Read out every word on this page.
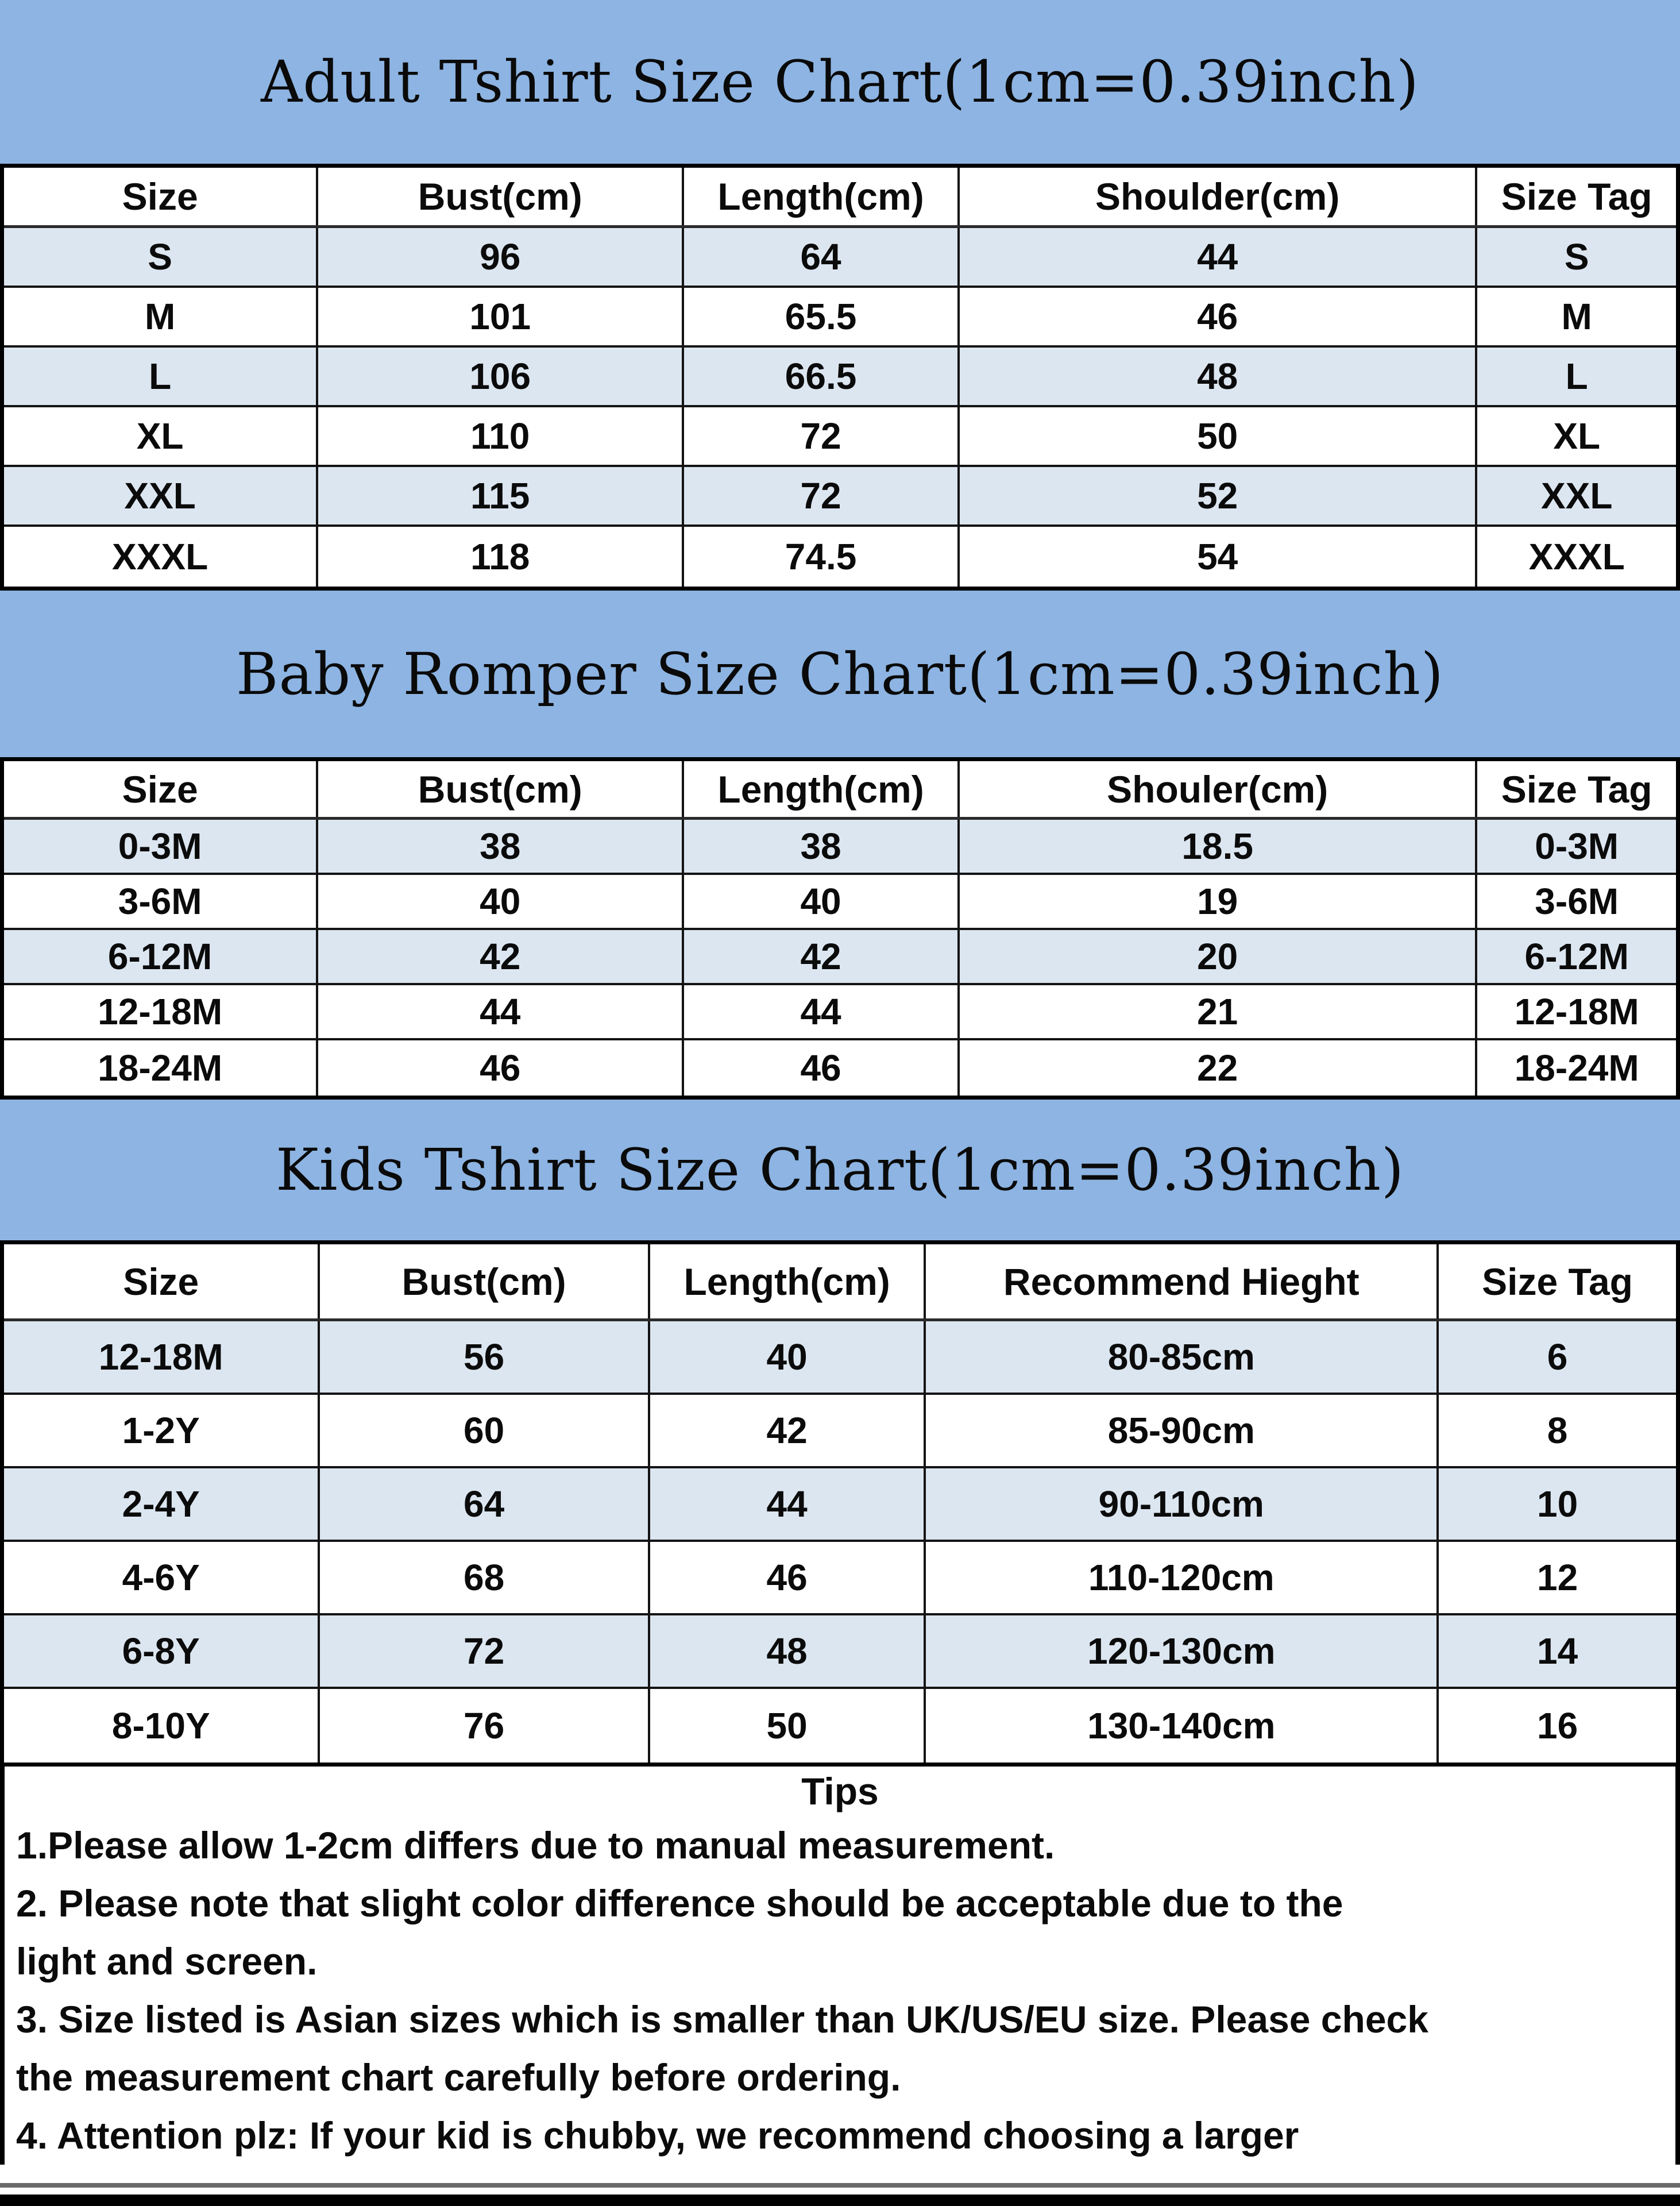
Adult Tshirt Size Chart(1cm=0.39inch)
Size	Bust(cm)	Length(cm)	Shoulder(cm)	Size Tag
S	96	64	44	S
M	101	65.5	46	M
L	106	66.5	48	L
XL	110	72	50	XL
XXL	115	72	52	XXL
XXXL	118	74.5	54	XXXL
Baby Romper Size Chart(1cm=0.39inch)
Size	Bust(cm)	Length(cm)	Shouler(cm)	Size Tag
0-3M	38	38	18.5	0-3M
3-6M	40	40	19	3-6M
6-12M	42	42	20	6-12M
12-18M	44	44	21	12-18M
18-24M	46	46	22	18-24M
Kids Tshirt Size Chart(1cm=0.39inch)
Size	Bust(cm)	Length(cm)	Recommend Hieght	Size Tag
12-18M	56	40	80-85cm	6
1-2Y	60	42	85-90cm	8
2-4Y	64	44	90-110cm	10
4-6Y	68	46	110-120cm	12
6-8Y	72	48	120-130cm	14
8-10Y	76	50	130-140cm	16
Tips
1.Please allow 1-2cm differs due to manual measurement.
2. Please note that slight color difference should be acceptable due to the
light and screen.
3. Size listed is Asian sizes which is smaller than UK/US/EU size. Please check
the measurement chart carefully before ordering.
4. Attention plz: If your kid is chubby, we recommend choosing a larger
